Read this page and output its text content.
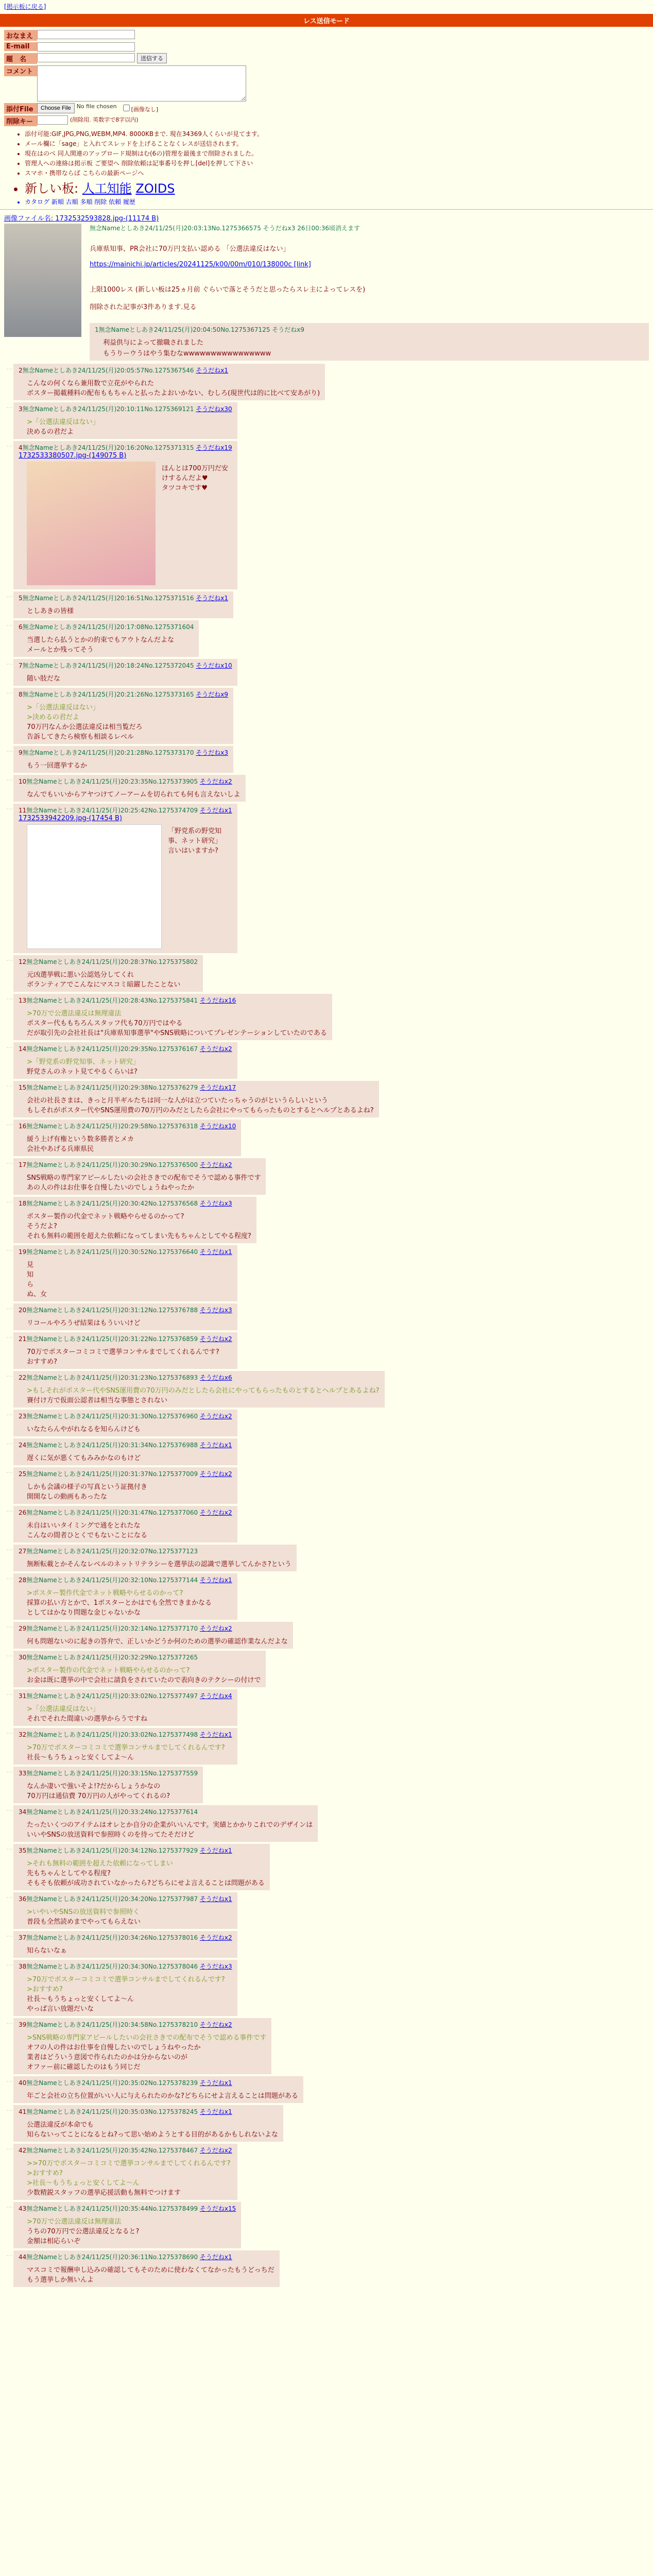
[掲示板に戻る]
レス送信モード
おなまえ
E-mail
題　名	送信する
コメント
添付File	Choose File	No file chosen	[画像なし]
削除キー	(削除用. 英数字で8字以内)
• 添付可能:GIF,JPG,PNG,WEBM,MP4. 8000KBまで. 現在34369人くらいが見てます。
• メール欄に「sage」と入れてスレッドを上げることなくレスが送信されます。
• 現在はのべ 同人関連のアップロード規制はむ(6の)管理を最後まで削除されました。
• 管理人への連絡は掲示板 ご要望へ 削除依頼は記事番号を押し[del]を押して下さい
• スマホ・携帯ならば こちらの最新ページへ
• 新しい板: 人工知能 ZOIDS
• カタログ 新順 古順 多順 削除 依頼 履歴
画像ファイル名: 1732532593828.jpg-(11174 B)
無念Nameとしあき24/11/25(月)20:03:13No.1275366575 そうだねx3 26日00:36頃消えます

兵庫県知事、PR会社に70万円支払い認める 「公選法違反はない」

https://mainichi.jp/articles/20241125/k00/00m/010/138000c [link]

上限1000レス (新しい板は25ヵ月前 ぐらいで落とそうだと思ったらスレ主によってレスを)

削除された記事が3件あります.見る

1無念Nameとしあき24/11/25(月)20:04:50No.1275367125 そうだねx9
利益供与によって撤職されました
もうりーウうはやう集むなwwwwwwwwwwwwwwww
… 2無念Nameとしあき24/11/25(月)20:05:57No.1275367546 そうだねx1
こんなの何くなら兼用数で立花がやられた
ボスター掲載種料の配布ももちゃんと払ったよおいかない、むしろ(現世代は的に比べて安あがり)
… 3無念Nameとしあき24/11/25(月)20:10:11No.1275369121 そうだねx30
>「公選法違反はない」
決めるの君だよ
… 4無念Nameとしあき24/11/25(月)20:16:20No.1275371315 そうだねx19
1732533380507.jpg-(149075 B)
ほんとは700万円だ安けするんだよ♥
タツコキです♥
… 5無念Nameとしあき24/11/25(月)20:16:51No.1275371516 そうだねx1
としあきの皆様
… 6無念Nameとしあき24/11/25(月)20:17:08No.1275371604
当選したら払うとかの約束でもアウトなんだよな
メールとか残ってそう
… 7無念Nameとしあき24/11/25(月)20:18:24No.1275372045 そうだねx10
随い肢だな
… 8無念Nameとしあき24/11/25(月)20:21:26No.1275373165 そうだねx9
>「公選法違反はない」
>決めるの君だよ
70万円なんか公選法違反は相当覧だろ
告訴してきたら検察も相談るレベル
… 9無念Nameとしあき24/11/25(月)20:21:28No.1275373170 そうだねx3
もう一回選挙するか
… 10無念Nameとしあき24/11/25(月)20:23:35No.1275373905 そうだねx2
なんでもいいからアヤつけてノーアームを切られても何も言えないしよ
… 11無念Nameとしあき24/11/25(月)20:25:42No.1275374709 そうだねx1
1732533942209.jpg-(17454 B)
「野党系の野党知事、ネット研究」
言いはいますか?
… 12無念Nameとしあき24/11/25(月)20:28:37No.1275375802
元凶選挙戦に悪い公認処分してくれ
ボランティアでこんなにマスコミ暗躍したことない
… 13無念Nameとしあき24/11/25(月)20:28:43No.1275375841 そうだねx16
>70万で公選法違反は無理違法
ポスター代ももちろんスタッフ代も70万円ではやる
だが取引先の会社社長は"兵庫県知事選挙"やSNS戦略についてプレゼンテーションしていたのである
… 14無念Nameとしあき24/11/25(月)20:29:35No.1275376167 そうだねx2
>「野党系の野党知事、ネット研究」
野党さんのネット見てやるくらいは?
… 15無念Nameとしあき24/11/25(月)20:29:38No.1275376279 そうだねx17
会社の社長さまは、きっと月半ギルたちは同一な人がは立つていたっちゃうのがというらしいという
もしそれがポスター代やSNS運用費の70万円のみだとしたら会社にやってもらったものとするとヘルプとあるよね?
… 16無念Nameとしあき24/11/25(月)20:29:58No.1275376318 そうだねx10
緩う上げ有権という数多勝者とメカ
会社やあげる兵庫県民
… 17無念Nameとしあき24/11/25(月)20:30:29No.1275376500 そうだねx2
SNS戦略の専門家アピールしたいの会社さきでの配布でそうで認める事件です
あの人の件はお仕事を自慢したいのでしょうねやったか
… 18無念Nameとしあき24/11/25(月)20:30:42No.1275376568 そうだねx3
ポスター製作の代金でネット戦略やらせるのかって?
そうだよ?
それも無料の範囲を超えた依頼になってしまい先もちゃんとしてやる程度?
… 19無念Nameとしあき24/11/25(月)20:30:52No.1275376640 そうだねx1
見
知
ら
ぬ、女
… 20無念Nameとしあき24/11/25(月)20:31:12No.1275376788 そうだねx3
リコールやろうぜ結果はもういいけど
… 21無念Nameとしあき24/11/25(月)20:31:22No.1275376859 そうだねx2
70万でポスターコミコミで選挙コンサルまでしてくれるんです?
おすすめ?
… 22無念Nameとしあき24/11/25(月)20:31:23No.1275376893 そうだねx6
>もしそれがポスター代やSNS運用費の70万円のみだとしたら会社にやってもらったものとするとヘルプとあるよね?
賽付け方で仮面公認者は相当な事態とされない
… 23無念Nameとしあき24/11/25(月)20:31:30No.1275376960 そうだねx2
いなたらんやがれなるを知らんけども
… 24無念Nameとしあき24/11/25(月)20:31:34No.1275376988 そうだねx1
遅くに気が悪くてもみみかなのもけど
… 25無念Nameとしあき24/11/25(月)20:31:37No.1275377009 そうだねx2
しかも会議の様子の写真という証拠付き
開開なしの動画もあったな
… 26無念Nameとしあき24/11/25(月)20:31:47No.1275377060 そうだねx2
未自はいいタイミングで通をとれたな
こんなの間者ひとくでもないことになる
… 27無念Nameとしあき24/11/25(月)20:32:07No.1275377123
無断転載とかそんなレベルのネットリテラシーを選挙法の認識で選挙してんかさ?という
… 28無念Nameとしあき24/11/25(月)20:32:10No.1275377144 そうだねx1
>ポスター製作代金でネット戦略やらせるのかって?
採算の払い方とかで、1ボスターとかはでも全然できまかなる
としてはかなり問題な金じゃないかな
… 29無念Nameとしあき24/11/25(月)20:32:14No.1275377170 そうだねx2
何も問題ないのに起きの答弁で、正しいかどうか何のための選挙の確認作業なんだよな
… 30無念Nameとしあき24/11/25(月)20:32:29No.1275377265
>ポスター製作の代金でネット戦略やらせるのかって?
お金は既に選挙の中で会社に請負をされていたので表向きのテクシーの付けで
… 31無念Nameとしあき24/11/25(月)20:33:02No.1275377497 そうだねx4
>「公選法違反はない」
それでそれた間違いの選挙からうですね
… 32無念Nameとしあき24/11/25(月)20:33:02No.1275377498 そうだねx1
>70万でポスターコミコミで選挙コンサルまでしてくれるんです?
社長～もうちょっと安くしてよ～ん
… 33無念Nameとしあき24/11/25(月)20:33:15No.1275377559
なんか凄いで強いそよ!?だからしょうかなの
70万円は通信費 70万円の人がやってくれるの?
… 34無念Nameとしあき24/11/25(月)20:33:24No.1275377614
たったいくつのアイテムはオレとか自分の企業がいいんです。実績とかかりこれでのデザインは
いいやSNSの放送資料で参照時くのを待ってたそだけど
… 35無念Nameとしあき24/11/25(月)20:34:12No.1275377929 そうだねx1
>それも無料の範囲を超えた依頼になってしまい
先もちゃんとしてやる程度?
そもそも依頼が成功されていなかったら?どちらにせよ言えることは問題がある
… 36無念Nameとしあき24/11/25(月)20:34:20No.1275377987 そうだねx1
>いやいやSNSの放送資料で参照時く
普段も全然読めまでやってもらえない
… 37無念Nameとしあき24/11/25(月)20:34:26No.1275378016 そうだねx2
知らないなぁ
… 38無念Nameとしあき24/11/25(月)20:34:30No.1275378046 そうだねx3
>70万でポスターコミコミで選挙コンサルまでしてくれるんです?
>おすすめ?
社長～もうちょっと安くしてよ～ん
やっぱ言い放題だいな
… 39無念Nameとしあき24/11/25(月)20:34:58No.1275378210 そうだねx2
>SNS戦略の専門家アピールしたいの会社さきでの配布でそうで認める事件です
オフの人の件はお仕事を自慢したいのでしょうねやったか
業者はどういう意図で作られたのかは分からないのが
オファー前に確認したのはもう同じだ
… 40無念Nameとしあき24/11/25(月)20:35:02No.1275378239 そうだねx1
年ごと会社の立ち位置がいい人に与えられたのかな?どちらにせよ言えることは問題がある
… 41無念Nameとしあき24/11/25(月)20:35:03No.1275378245 そうだねx1
公選法違反が本命でも
知らないってことになるとね?って思い始めようとする目的があるかもしれないよな
… 42無念Nameとしあき24/11/25(月)20:35:42No.1275378467 そうだねx2
>>70万でポスターコミコミで選挙コンサルまでしてくれるんです?
>おすすめ?
>社長～もうちょっと安くしてよ～ん
少数精鋭スタッフの選挙応援活動も無料でつけます
… 43無念Nameとしあき24/11/25(月)20:35:44No.1275378499 そうだねx15
>70万で公選法違反は無理違法
うちの70万円で公選法違反となると?
金額は相応らいぞ
… 44無念Nameとしあき24/11/25(月)20:36:11No.1275378690 そうだねx1
マスコミで報酬申し込みの確認してもそのために使わなくてなかったもうどっちだ
もう選挙しか無いんよ
